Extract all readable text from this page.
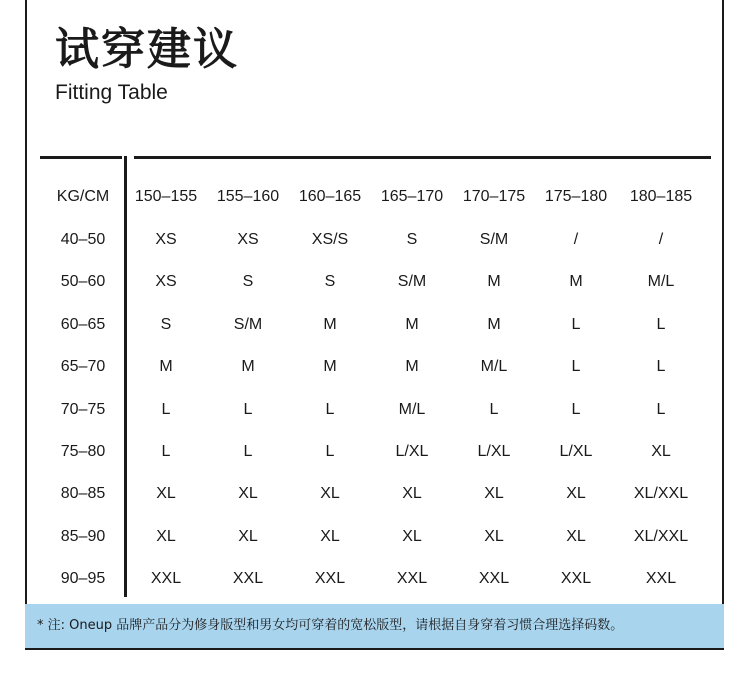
试穿建议
Fitting Table
KG/CM	150–155	155–160	160–165	165–170	170–175	175–180	180–185
40–50	XS	XS	XS/S	S	S/M	/	/
50–60	XS	S	S	S/M	M	M	M/L
60–65	S	S/M	M	M	M	L	L
65–70	M	M	M	M	M/L	L	L
70–75	L	L	L	M/L	L	L	L
75–80	L	L	L	L/XL	L/XL	L/XL	XL
80–85	XL	XL	XL	XL	XL	XL	XL/XXL
85–90	XL	XL	XL	XL	XL	XL	XL/XXL
90–95	XXL	XXL	XXL	XXL	XXL	XXL	XXL
* 注: Oneup 品牌产品分为修身版型和男女均可穿着的宽松版型，请根据自身穿着习惯合理选择码数。
